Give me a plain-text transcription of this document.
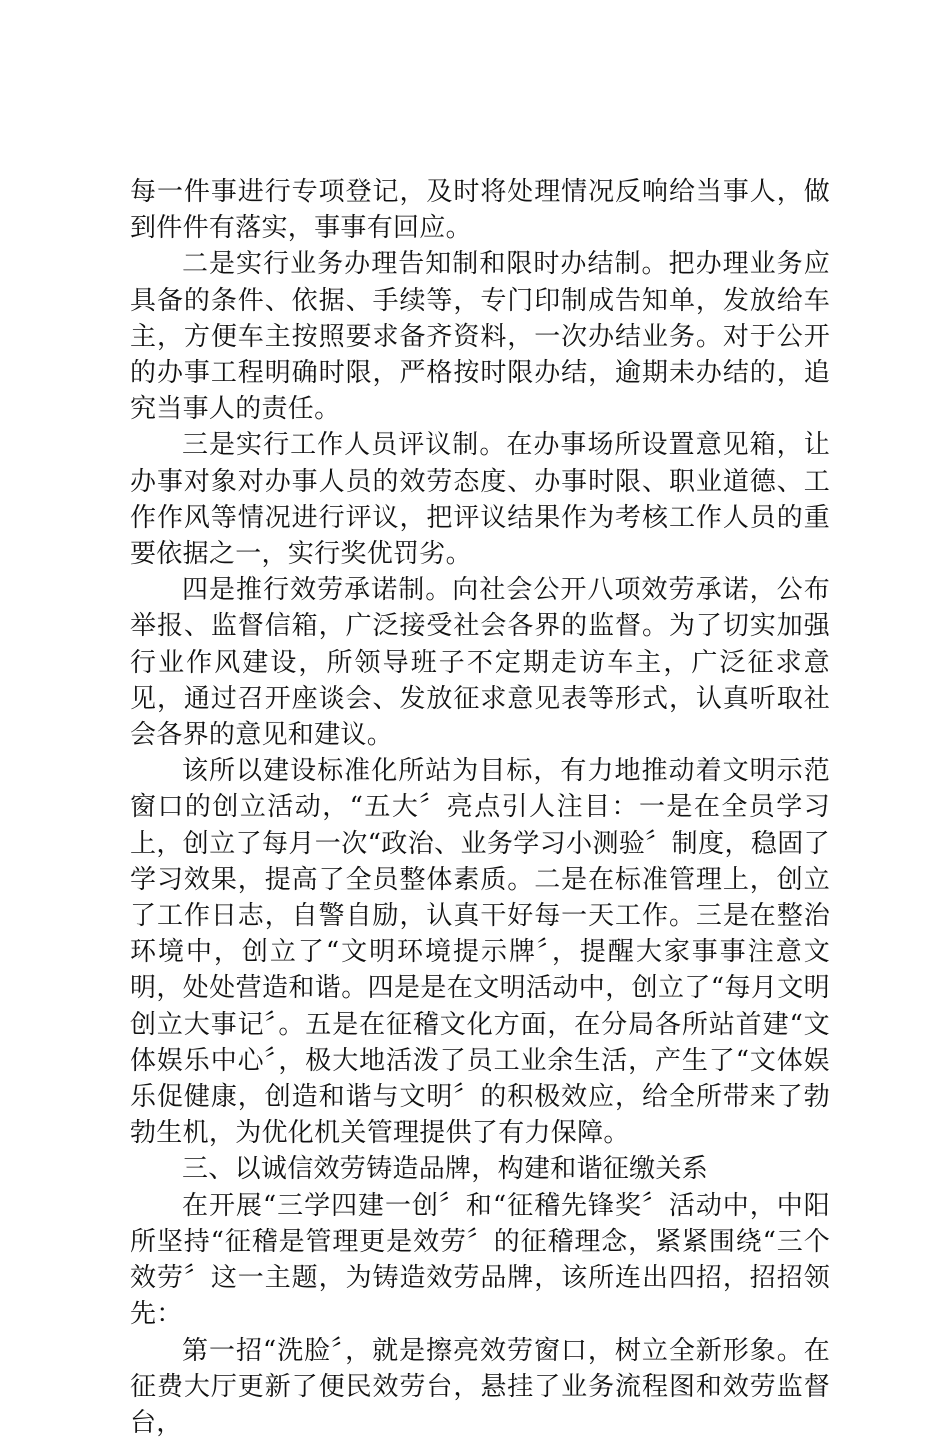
每一件事进行专项登记，及时将处理情况反响给当事人，做到件件有落实，事事有回应。

二是实行业务办理告知制和限时办结制。把办理业务应具备的条件、依据、手续等，专门印制成告知单，发放给车主，方便车主按照要求备齐资料，一次办结业务。对于公开的办事工程明确时限，严格按时限办结，逾期未办结的，追究当事人的责任。

三是实行工作人员评议制。在办事场所设置意见箱，让办事对象对办事人员的效劳态度、办事时限、职业道德、工作作风等情况进行评议，把评议结果作为考核工作人员的重要依据之一，实行奖优罚劣。

四是推行效劳承诺制。向社会公开八项效劳承诺，公布举报、监督信箱，广泛接受社会各界的监督。为了切实加强行业作风建设，所领导班子不定期走访车主，广泛征求意见，通过召开座谈会、发放征求意见表等形式，认真听取社会各界的意见和建议。

该所以建设标准化所站为目标，有力地推动着文明示范窗口的创立活动，“五大〞亮点引人注目：一是在全员学习上，创立了每月一次“政治、业务学习小测验〞制度，稳固了学习效果，提高了全员整体素质。二是在标准管理上，创立了工作日志，自警自励，认真干好每一天工作。三是在整治环境中，创立了“文明环境提示牌〞，提醒大家事事注意文明，处处营造和谐。四是是在文明活动中，创立了“每月文明创立大事记〞。五是在征稽文化方面，在分局各所站首建“文体娱乐中心〞，极大地活泼了员工业余生活，产生了“文体娱乐促健康，创造和谐与文明〞的积极效应，给全所带来了勃勃生机，为优化机关管理提供了有力保障。

三、以诚信效劳铸造品牌，构建和谐征缴关系

在开展“三学四建一创〞和“征稽先锋奖〞活动中，中阳所坚持“征稽是管理更是效劳〞的征稽理念，紧紧围绕“三个效劳〞这一主题，为铸造效劳品牌，该所连出四招，招招领先：

第一招“洗脸〞，就是擦亮效劳窗口，树立全新形象。在征费大厅更新了便民效劳台，悬挂了业务流程图和效劳监督台，
